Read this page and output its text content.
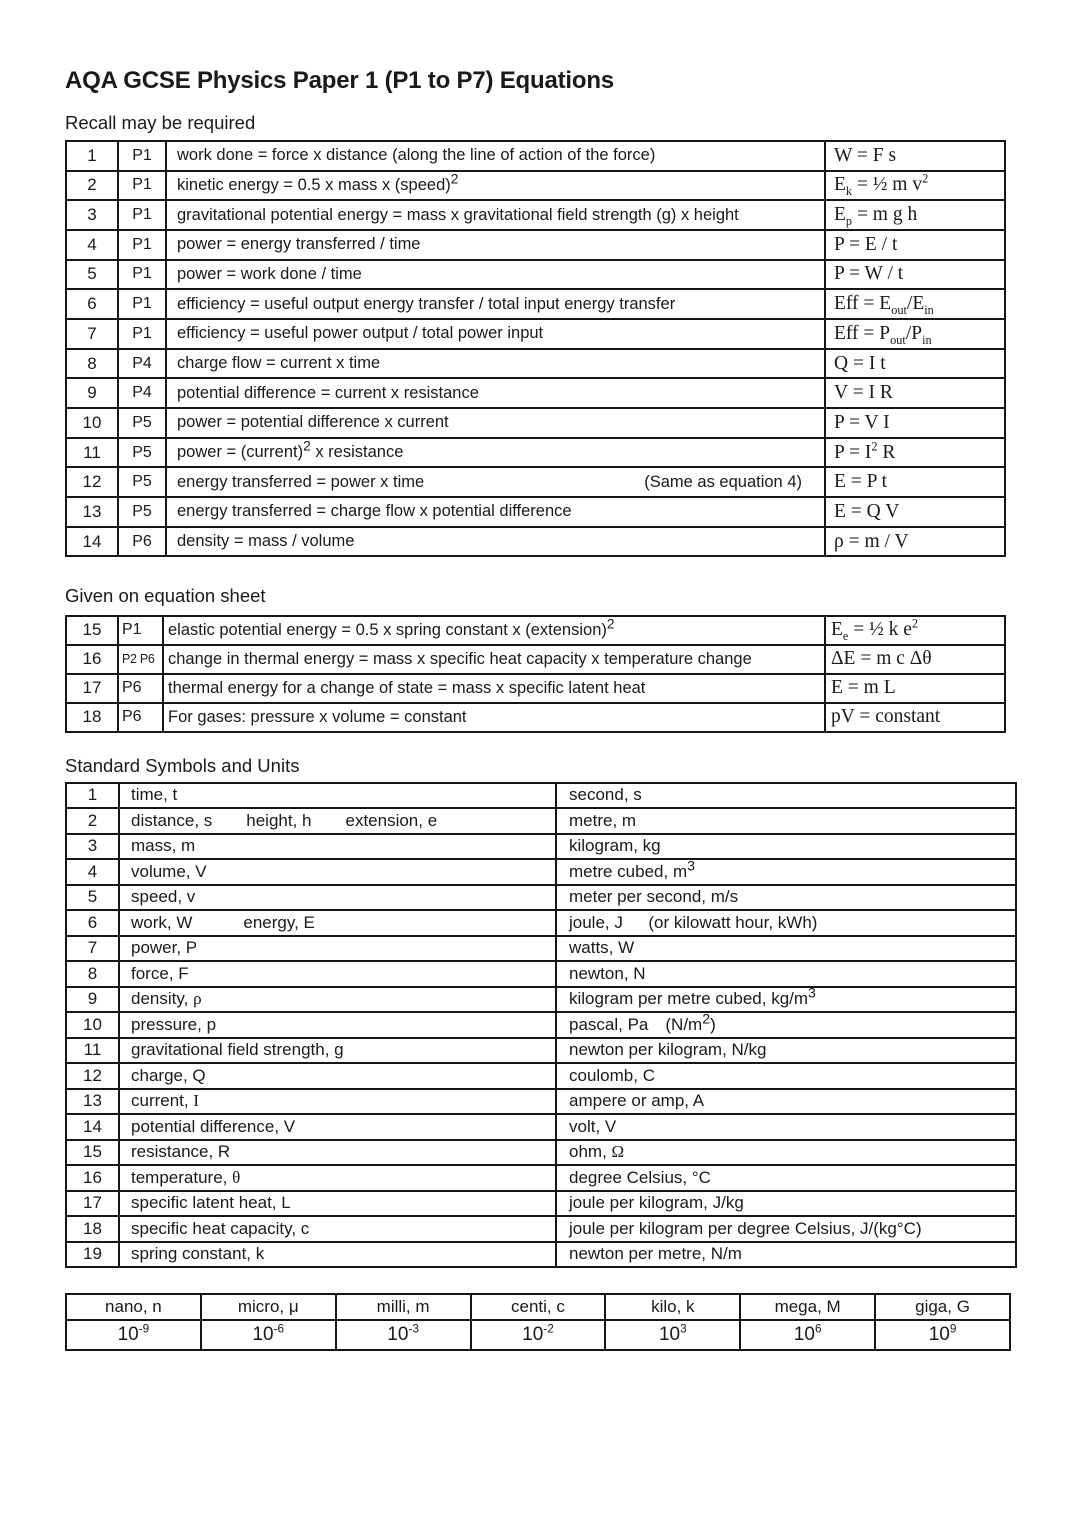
AQA GCSE Physics Paper 1 (P1 to P7) Equations
Recall may be required
1	P1	work done = force x distance (along the line of action of the force)	W = F s
2	P1	kinetic energy = 0.5 x mass x (speed)$^2$	$E_k$ = ½ m $v^2$
3	P1	gravitational potential energy = mass x gravitational field strength (g) x height	$E_p = m$ g h
4	P1	power = energy transferred / time	P = E / t
5	P1	power = work done / time	P = W / t
6	P1	efficiency = useful output energy transfer / total input energy transfer	Eff = $E_{out}/E_{in}$
7	P1	efficiency = useful power output / total power input	Eff = $P_{out}/P_{in}$
8	P4	charge flow = current x time	Q = I t
9	P4	potential difference = current x resistance	V = I R
10	P5	power = potential difference x current	P = V I
11	P5	power = (current)$^2$ x resistance	$P = I^2$ R
12	P5	energy transferred = power x time (Same as equation 4)	E = P t
13	P5	energy transferred = charge flow x potential difference	E = Q V
14	P6	density = mass / volume	ρ = m / V
Given on equation sheet
15	P1	elastic potential energy = 0.5 x spring constant x (extension)$^2$	$E_e$ = ½ k $e^2$
16	P2 P6	change in thermal energy = mass x specific heat capacity x temperature change	ΔE = m c Δθ
17	P6	thermal energy for a change of state = mass x specific latent heat	E = m L
18	P6	For gases: pressure x volume = constant	pV = constant
Standard Symbols and Units
1	time, t	second, s
2	distance, s  height, h  extension, e	metre, m
3	mass, m	kilogram, kg
4	volume, V	metre cubed, $m^3$
5	speed, v	meter per second, m/s
6	work, W   energy, E	joule, J  (or kilowatt hour, kWh)
7	power, P	watts, W
8	force, F	newton, N
9	density, ρ	kilogram per metre cubed, $kg/m^3$
10	pressure, p	pascal, Pa  $(N/m^2)$
11	gravitational field strength, g	newton per kilogram, N/kg
12	charge, Q	coulomb, C
13	current, I	ampere or amp, A
14	potential difference, V	volt, V
15	resistance, R	ohm, Ω
16	temperature, θ	degree Celsius, °C
17	specific latent heat, L	joule per kilogram, J/kg
18	specific heat capacity, c	joule per kilogram per degree Celsius, J/(kg°C)
19	spring constant, k	newton per metre, N/m
nano, n	micro, μ	milli, m	centi, c	kilo, k	mega, M	giga, G
$10^{-9}$	$10^{-6}$	$10^{-3}$	$10^{-2}$	$10^3$	$10^6$	$10^9$
